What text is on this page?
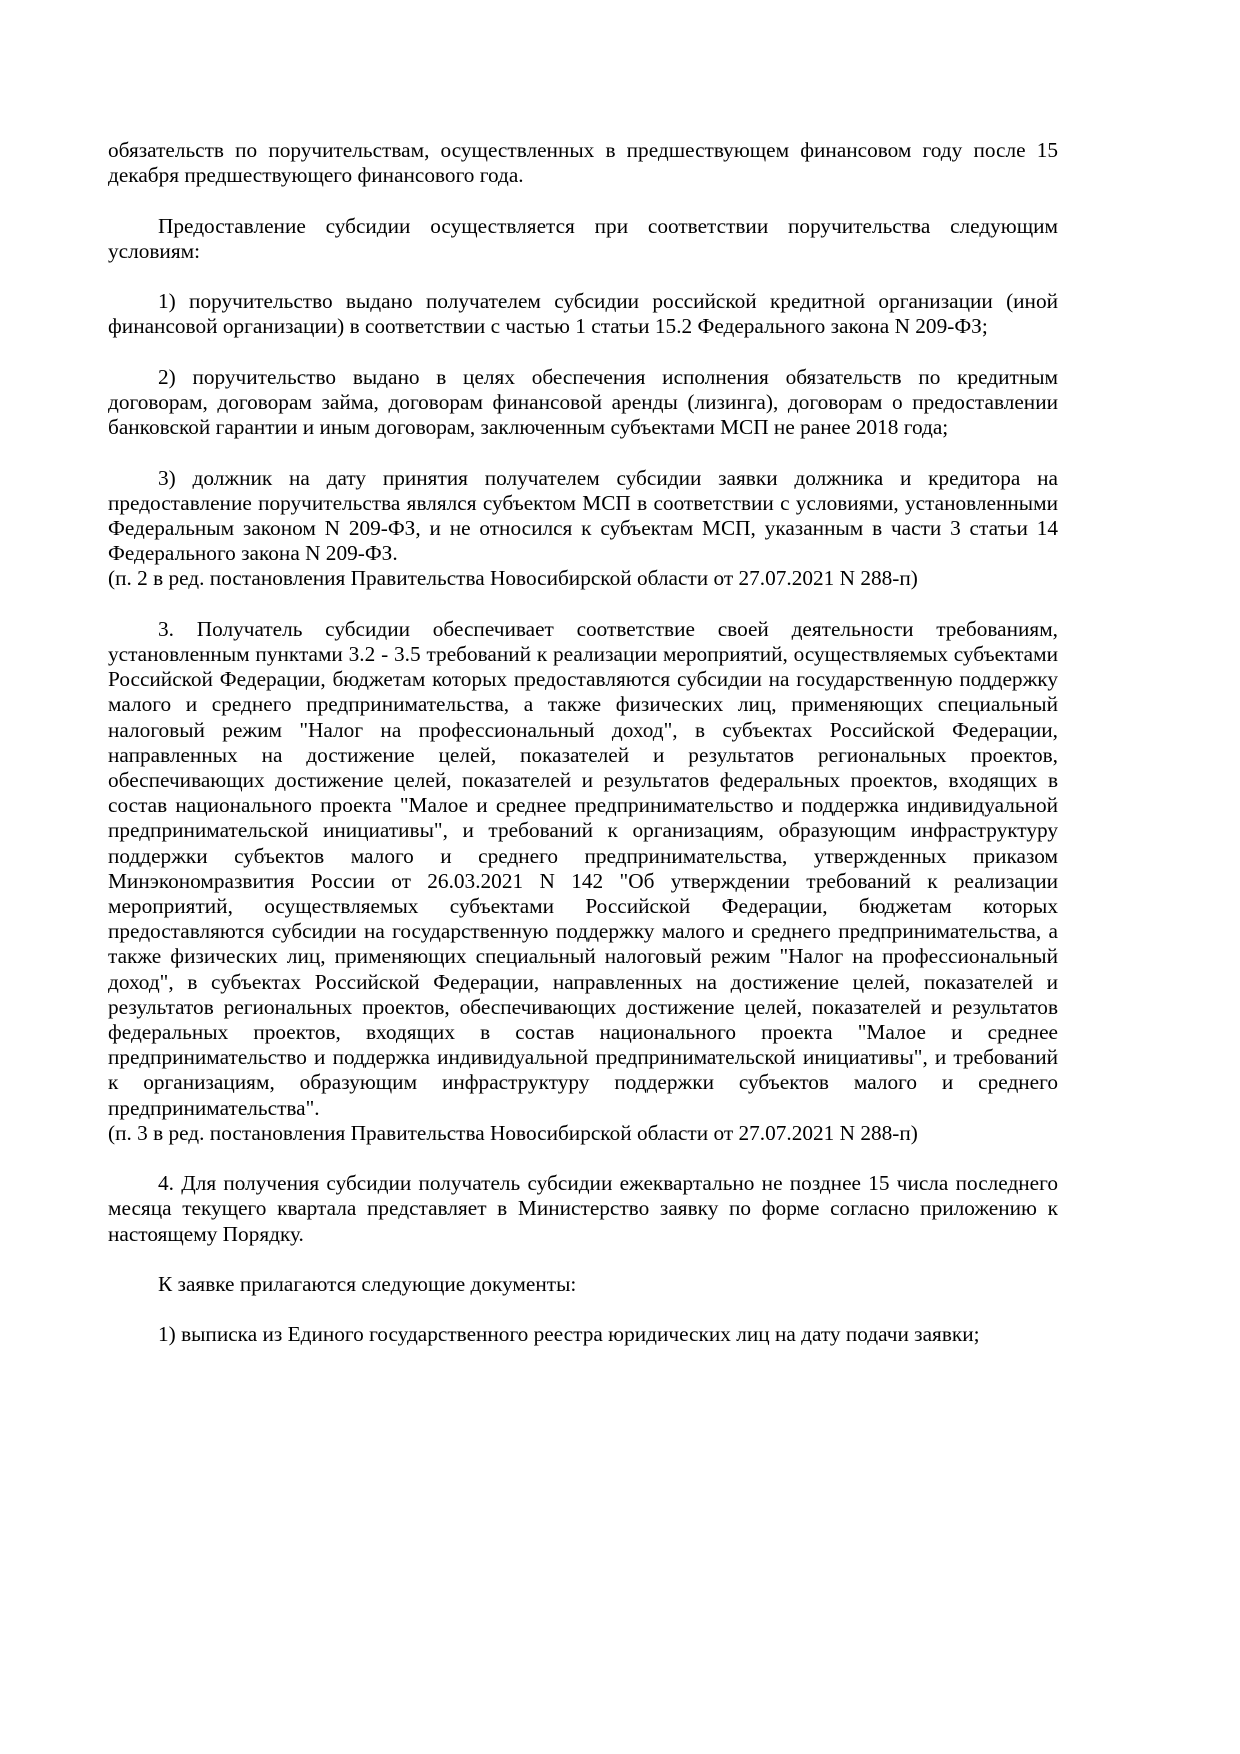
обязательств по поручительствам, осуществленных в предшествующем финансовом году после 15 декабря предшествующего финансового года.

Предоставление субсидии осуществляется при соответствии поручительства следующим условиям:

1) поручительство выдано получателем субсидии российской кредитной организации (иной финансовой организации) в соответствии с частью 1 статьи 15.2 Федерального закона N 209-ФЗ;

2) поручительство выдано в целях обеспечения исполнения обязательств по кредитным договорам, договорам займа, договорам финансовой аренды (лизинга), договорам о предоставлении банковской гарантии и иным договорам, заключенным субъектами МСП не ранее 2018 года;

3) должник на дату принятия получателем субсидии заявки должника и кредитора на предоставление поручительства являлся субъектом МСП в соответствии с условиями, установленными Федеральным законом N 209-ФЗ, и не относился к субъектам МСП, указанным в части 3 статьи 14 Федерального закона N 209-ФЗ.

(п. 2 в ред. постановления Правительства Новосибирской области от 27.07.2021 N 288-п)

3. Получатель субсидии обеспечивает соответствие своей деятельности требованиям, установленным пунктами 3.2 - 3.5 требований к реализации мероприятий, осуществляемых субъектами Российской Федерации, бюджетам которых предоставляются субсидии на государственную поддержку малого и среднего предпринимательства, а также физических лиц, применяющих специальный налоговый режим "Налог на профессиональный доход", в субъектах Российской Федерации, направленных на достижение целей, показателей и результатов региональных проектов, обеспечивающих достижение целей, показателей и результатов федеральных проектов, входящих в состав национального проекта "Малое и среднее предпринимательство и поддержка индивидуальной предпринимательской инициативы", и требований к организациям, образующим инфраструктуру поддержки субъектов малого и среднего предпринимательства, утвержденных приказом Минэкономразвития России от 26.03.2021 N 142 "Об утверждении требований к реализации мероприятий, осуществляемых субъектами Российской Федерации, бюджетам которых предоставляются субсидии на государственную поддержку малого и среднего предпринимательства, а также физических лиц, применяющих специальный налоговый режим "Налог на профессиональный доход", в субъектах Российской Федерации, направленных на достижение целей, показателей и результатов региональных проектов, обеспечивающих достижение целей, показателей и результатов федеральных проектов, входящих в состав национального проекта "Малое и среднее предпринимательство и поддержка индивидуальной предпринимательской инициативы", и требований к организациям, образующим инфраструктуру поддержки субъектов малого и среднего предпринимательства".

(п. 3 в ред. постановления Правительства Новосибирской области от 27.07.2021 N 288-п)

4. Для получения субсидии получатель субсидии ежеквартально не позднее 15 числа последнего месяца текущего квартала представляет в Министерство заявку по форме согласно приложению к настоящему Порядку.

К заявке прилагаются следующие документы:

1) выписка из Единого государственного реестра юридических лиц на дату подачи заявки;
